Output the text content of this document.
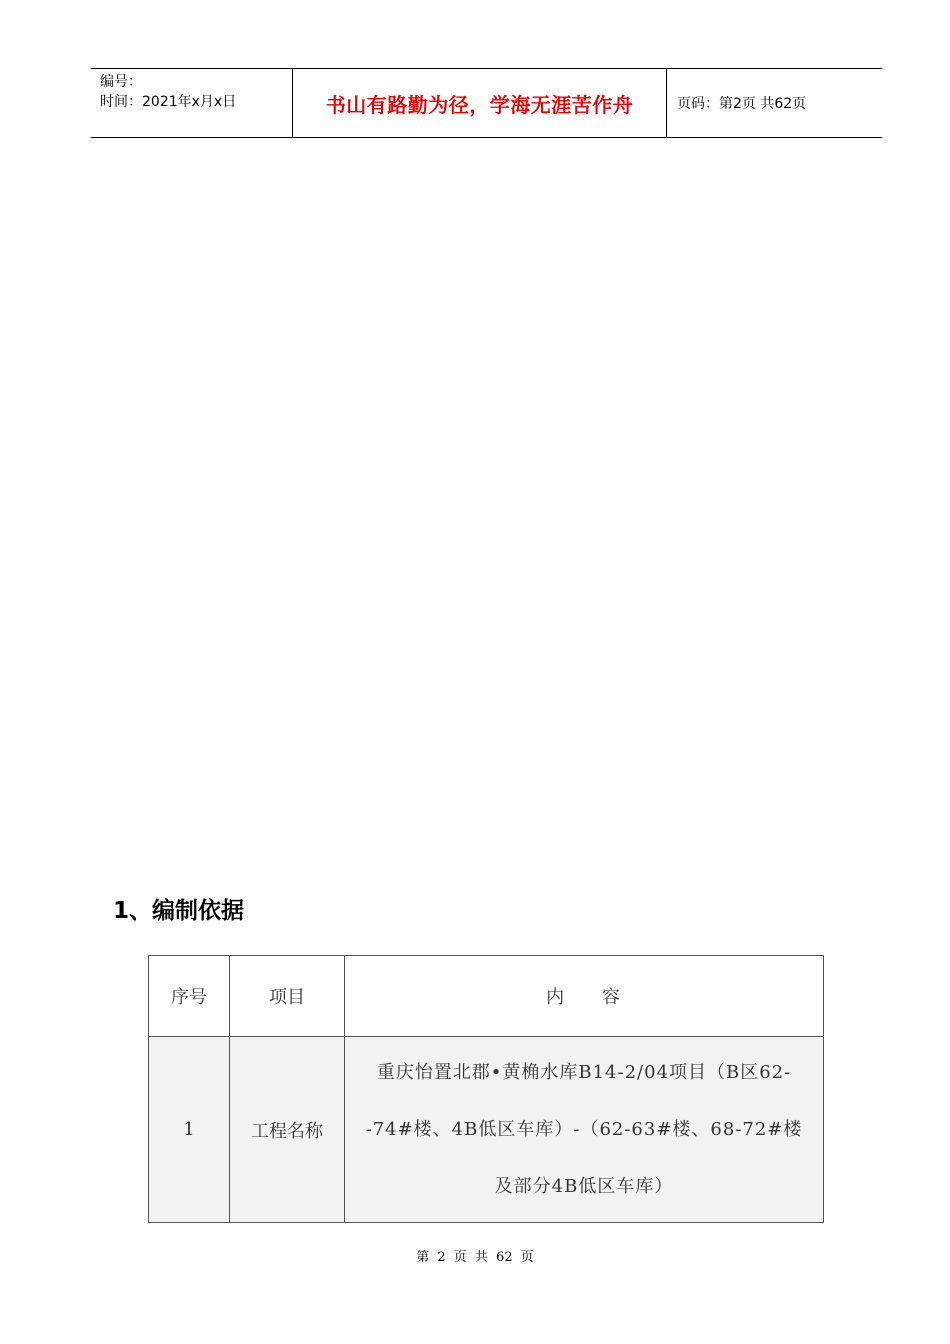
编号：
时间：2021年x月x日	书山有路勤为径，学海无涯苦作舟	页码：第2页 共62页
1、编制依据
序号	项目	内 容
1	工程名称	重庆怡置北郡•黄桷水库B14-2/04项目（B区62--74#楼、4B低区车库）-（62-63#楼、68-72#楼及部分4B低区车库）
第 2 页 共 62 页
